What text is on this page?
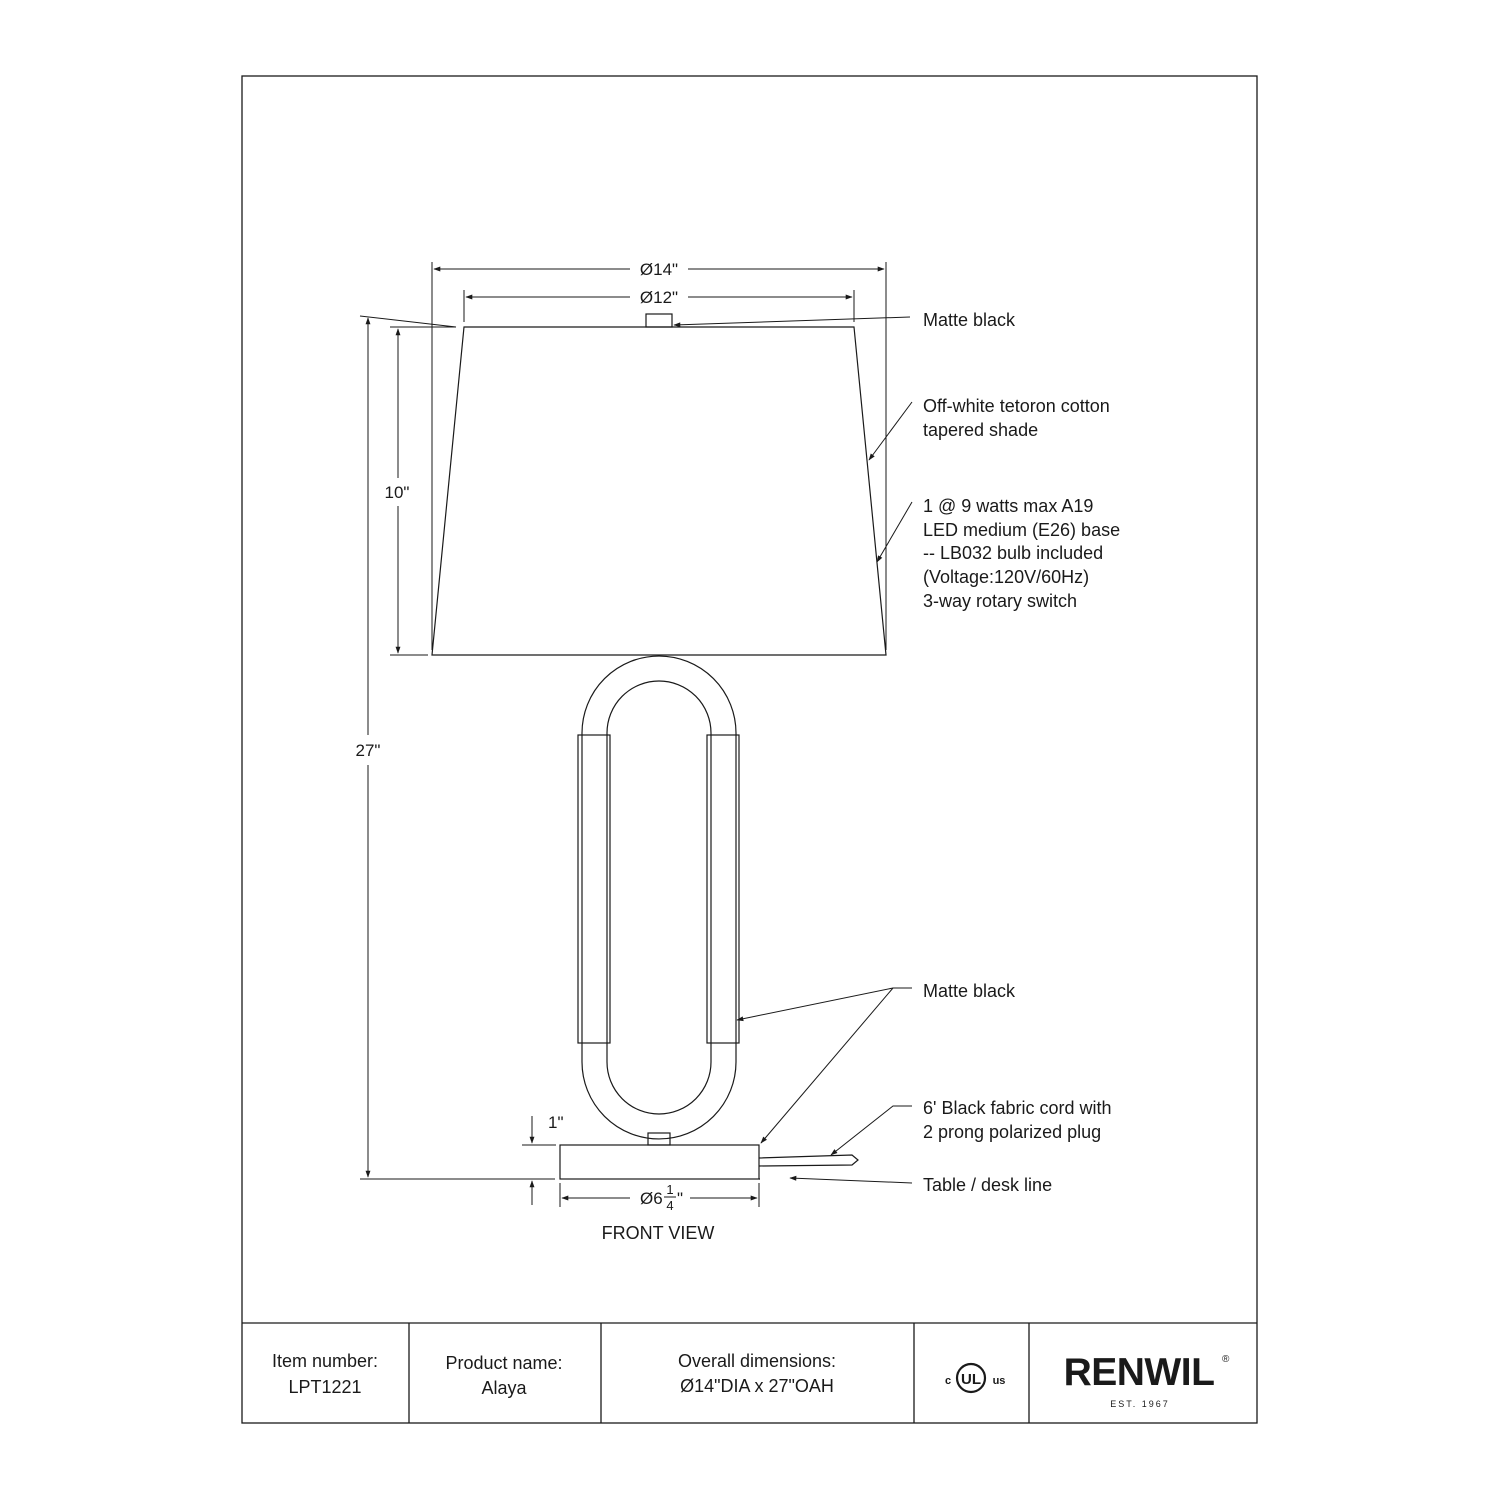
Ø14"
Ø12"
27"
10"
1"
Ø6 1
4 "
FRONT VIEW
Matte black
Off-white tetoron cotton
tapered shade
1 @ 9 watts max A19
LED medium (E26) base
-- LB032 bulb included
(Voltage:120V/60Hz)
3-way rotary switch
Matte black
6' Black fabric cord with
2 prong polarized plug
Table / desk line
Item number:
LPT1221
Product name:
Alaya
Overall dimensions:
Ø14"DIA x 27"OAH	UL
c	us RENWIL ®
EST. 1967
